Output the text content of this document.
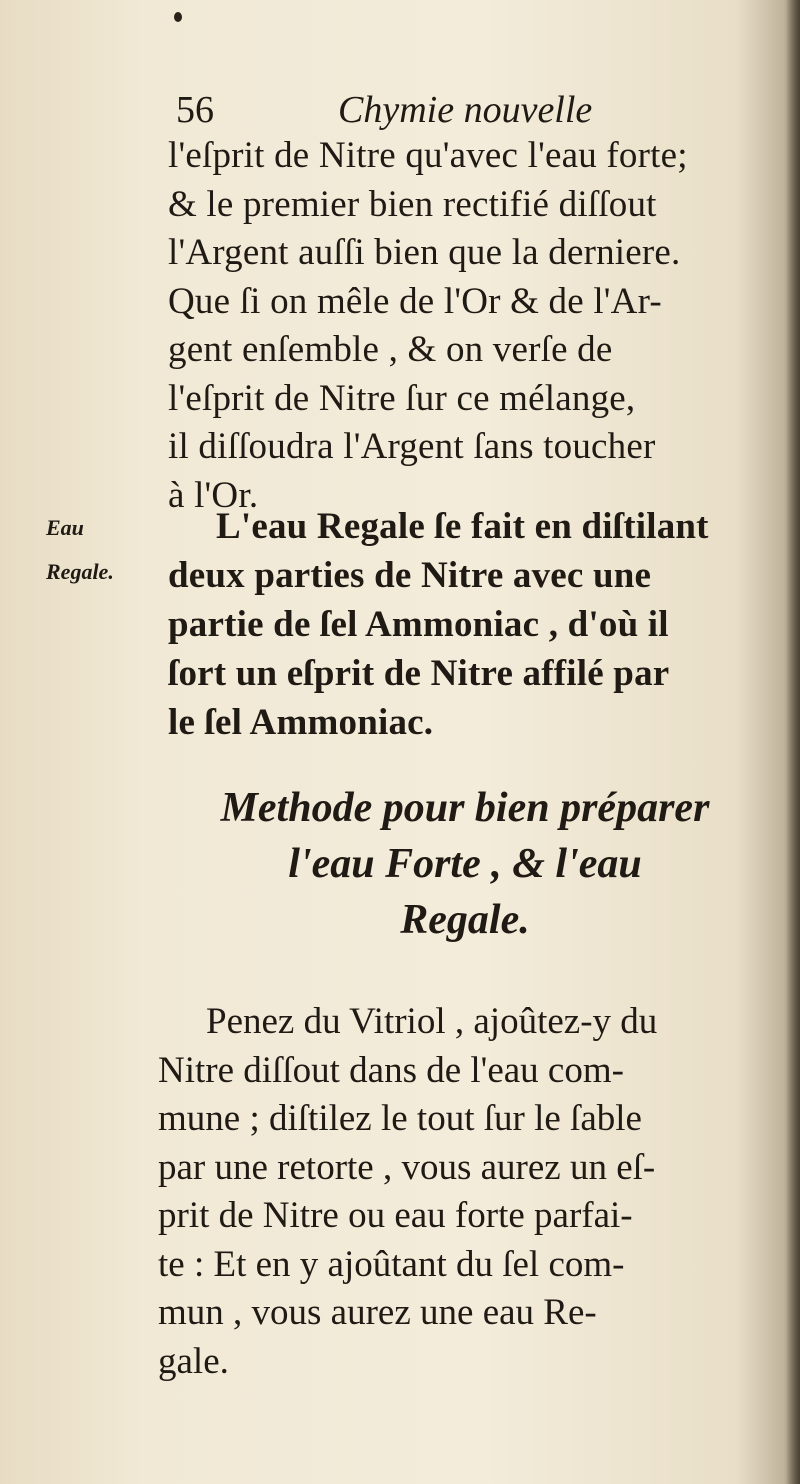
56	Chymie nouvelle
l'eſprit de Nitre qu'avec l'eau forte;
& le premier bien rectifié diſſout
l'Argent auſſi bien que la derniere.
Que ſi on mêle de l'Or & de l'Ar-
gent enſemble , & on verſe de
l'eſprit de Nitre ſur ce mélange,
il diſſoudra l'Argent ſans toucher
à l'Or.
Eau
Regale.
L'eau Regale ſe fait en diſtilant
deux parties de Nitre avec une
partie de ſel Ammoniac , d'où il
ſort un eſprit de Nitre affilé par
le ſel Ammoniac.
Methode pour bien préparer
l'eau Forte , & l'eau
Regale.
Penez du Vitriol , ajoûtez-y du
Nitre diſſout dans de l'eau com-
mune ; diſtilez le tout ſur le ſable
par une retorte , vous aurez un eſ-
prit de Nitre ou eau forte parfai-
te : Et en y ajoûtant du ſel com-
mun , vous aurez une eau Re-
gale.
